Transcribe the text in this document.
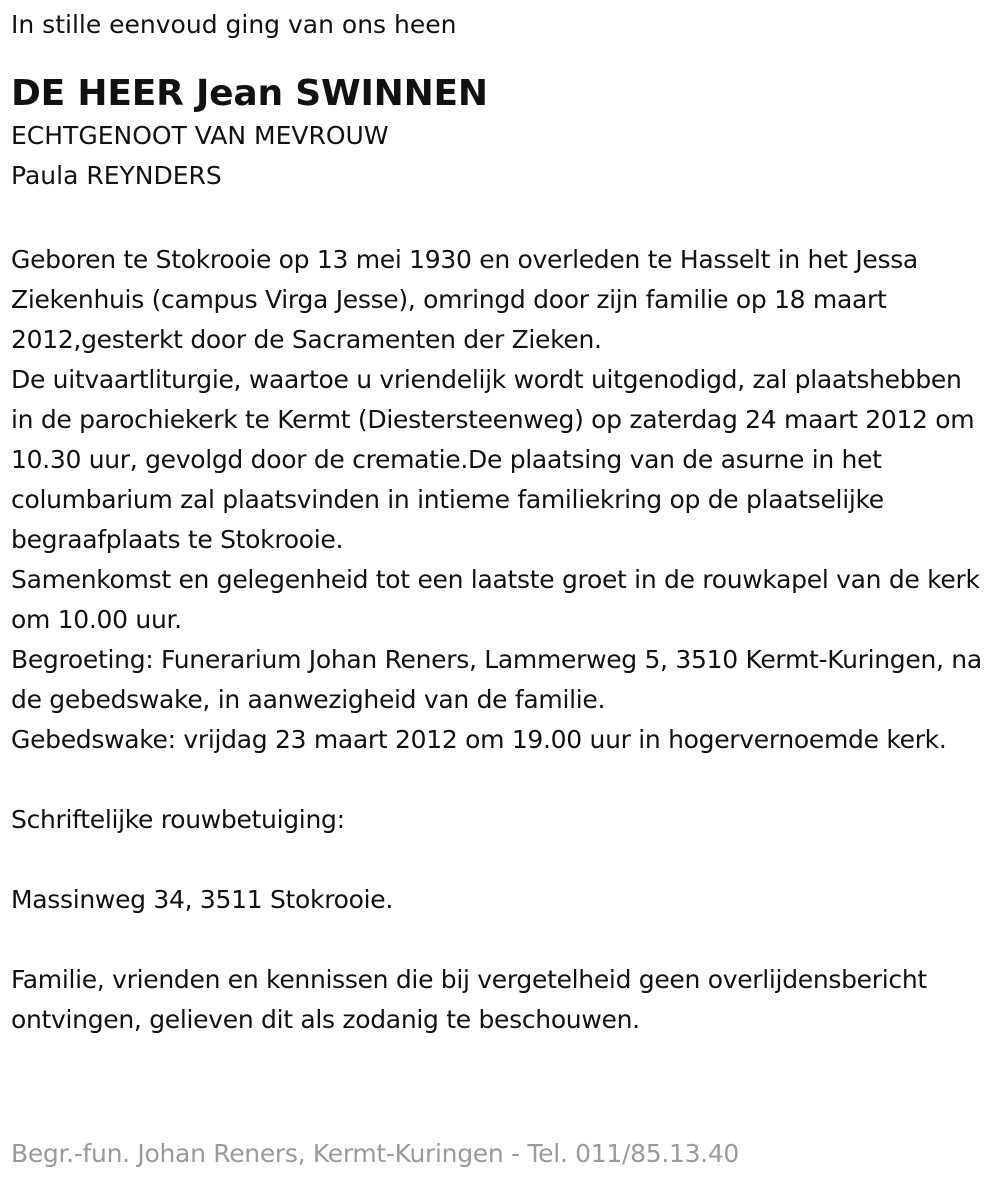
In stille eenvoud ging van ons heen

DE HEER Jean SWINNEN

ECHTGENOOT VAN MEVROUW

Paula REYNDERS

Geboren te Stokrooie op 13 mei 1930 en overleden te Hasselt in het Jessa Ziekenhuis (campus Virga Jesse), omringd door zijn familie op 18 maart 2012,gesterkt door de Sacramenten der Zieken.

De uitvaartliturgie, waartoe u vriendelijk wordt uitgenodigd, zal plaatshebben in de parochiekerk te Kermt (Diestersteenweg) op zaterdag 24 maart 2012 om 10.30 uur, gevolgd door de crematie.De plaatsing van de asurne in het columbarium zal plaatsvinden in intieme familiekring op de plaatselijke begraafplaats te Stokrooie.

Samenkomst en gelegenheid tot een laatste groet in de rouwkapel van de kerk om 10.00 uur.

Begroeting: Funerarium Johan Reners, Lammerweg 5, 3510 Kermt-Kuringen, na de gebedswake, in aanwezigheid van de familie.

Gebedswake: vrijdag 23 maart 2012 om 19.00 uur in hogervernoemde kerk.

Schriftelijke rouwbetuiging:

Massinweg 34, 3511 Stokrooie.

Familie, vrienden en kennissen die bij vergetelheid geen overlijdensbericht ontvingen, gelieven dit als zodanig te beschouwen.

Begr.-fun. Johan Reners, Kermt-Kuringen - Tel. 011/85.13.40
